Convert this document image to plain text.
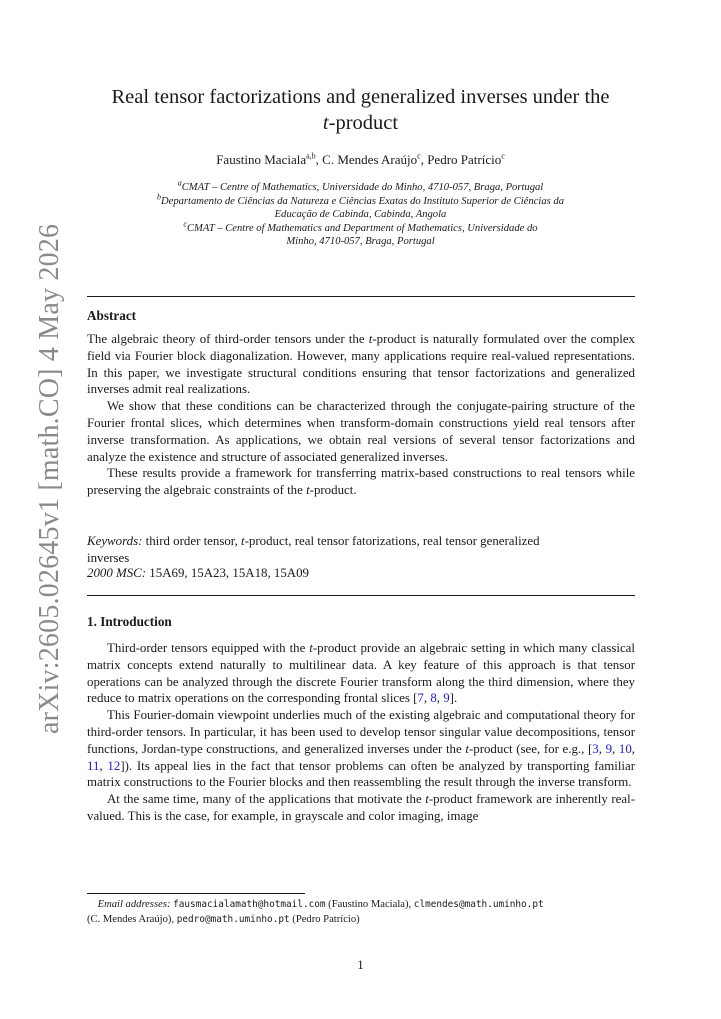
arXiv:2605.02645v1 [math.CO] 4 May 2026
Real tensor factorizations and generalized inverses under the
t-product
Faustino Maciala$^{a,b}$, C. Mendes Araújo$^c$, Pedro Patrício$^c$
$^a$CMAT – Centre of Mathematics, Universidade do Minho, 4710-057, Braga, Portugal
$^b$Departamento de Ciências da Natureza e Ciências Exatas do Instituto Superior de Ciências da
Educação de Cabinda, Cabinda, Angola
$^c$CMAT – Centre of Mathematics and Department of Mathematics, Universidade do
Minho, 4710-057, Braga, Portugal
Abstract

The algebraic theory of third-order tensors under the t-product is naturally formulated over the complex field via Fourier block diagonalization. However, many applications require real-valued representations. In this paper, we investigate structural conditions ensuring that tensor factorizations and generalized inverses admit real realizations.

We show that these conditions can be characterized through the conjugate-pairing structure of the Fourier frontal slices, which determines when transform-domain constructions yield real tensors after inverse transformation. As applications, we obtain real versions of several tensor factorizations and analyze the existence and structure of associated generalized inverses.

These results provide a framework for transferring matrix-based constructions to real tensors while preserving the algebraic constraints of the t-product.

Keywords: third order tensor, t-product, real tensor fatorizations, real tensor generalized inverses
2000 MSC: 15A69, 15A23, 15A18, 15A09
1. Introduction

Third-order tensors equipped with the t-product provide an algebraic setting in which many classical matrix concepts extend naturally to multilinear data. A key feature of this approach is that tensor operations can be analyzed through the discrete Fourier transform along the third dimension, where they reduce to matrix operations on the corresponding frontal slices [7, 8, 9].

This Fourier-domain viewpoint underlies much of the existing algebraic and computational theory for third-order tensors. In particular, it has been used to develop tensor singular value decompositions, tensor functions, Jordan-type constructions, and generalized inverses under the t-product (see, for e.g., [3, 9, 10, 11, 12]). Its appeal lies in the fact that tensor problems can often be analyzed by transporting familiar matrix constructions to the Fourier blocks and then reassembling the result through the inverse transform.

At the same time, many of the applications that motivate the t-product framework are inherently real-valued. This is the case, for example, in grayscale and color imaging, image

Email addresses: fausmacialamath@hotmail.com (Faustino Maciala), clmendes@math.uminho.pt
(C. Mendes Araújo), pedro@math.uminho.pt (Pedro Patrício)
1
